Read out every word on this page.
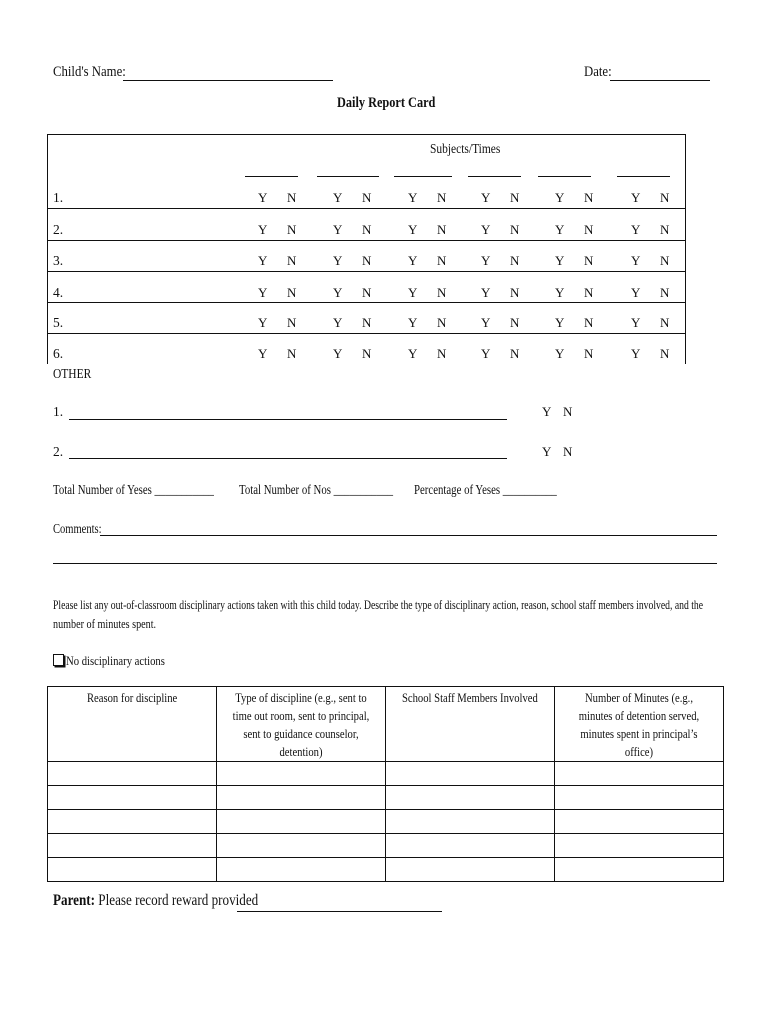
Child's Name:	Date:
Daily Report Card
Subjects/Times
1.	Y N	Y N	Y N	Y N	Y N	Y N
2.	Y N	Y N	Y N	Y N	Y N	Y N
3.	Y N	Y N	Y N	Y N	Y N	Y N
4.	Y N	Y N	Y N	Y N	Y N	Y N
5.	Y N	Y N	Y N	Y N	Y N	Y N
6.	Y N	Y N	Y N	Y N	Y N	Y N
OTHER
1.	Y N
2.	Y N
Total Number of Yeses ___________	Total Number of Nos ___________	Percentage of Yeses __________
Comments:
Please list any out-of-classroom disciplinary actions taken with this child today. Describe the type of disciplinary action, reason, school staff members involved, and the
number of minutes spent.
No disciplinary actions
Reason for discipline	Type of discipline (e.g., sent to time out room, sent to principal, sent to guidance counselor, detention)	School Staff Members Involved	Number of Minutes (e.g., minutes of detention served, minutes spent in principal’s office)

Parent: Please record reward provided
